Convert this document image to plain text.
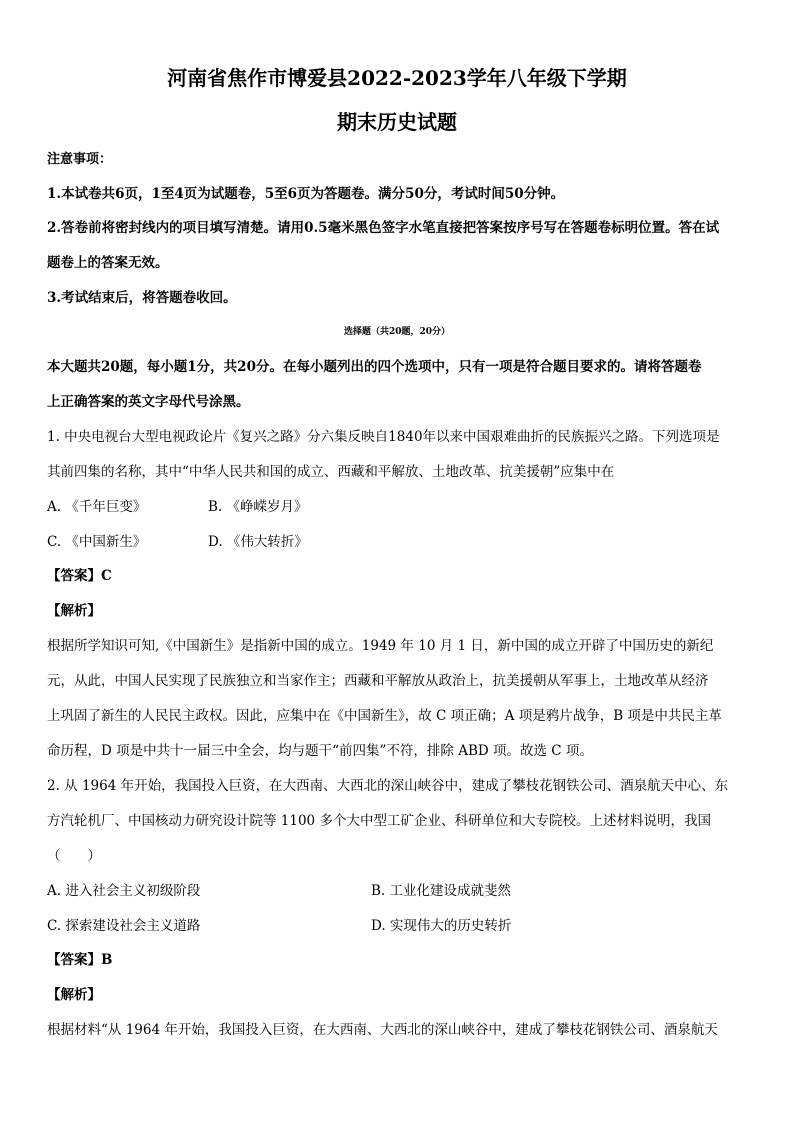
河南省焦作市博爱县2022-2023学年八年级下学期
期末历史试题
注意事项：
1.本试卷共6页，1至4页为试题卷，5至6页为答题卷。满分50分，考试时间50分钟。
2.答卷前将密封线内的项目填写清楚。请用0.5毫米黑色签字水笔直接把答案按序号写在答题卷标明位置。答在试
题卷上的答案无效。
3.考试结束后，将答题卷收回。
选择题（共20题，20分）
本大题共20题，每小题1分，共20分。在每小题列出的四个选项中，只有一项是符合题目要求的。请将答题卷
上正确答案的英文字母代号涂黑。
1. 中央电视台大型电视政论片《复兴之路》分六集反映自1840年以来中国艰难曲折的民族振兴之路。下列选项是
其前四集的名称，其中“中华人民共和国的成立、西藏和平解放、土地改革、抗美援朝”应集中在
A. 《千年巨变》	B. 《峥嵘岁月》
C. 《中国新生》	D. 《伟大转折》
【答案】C
【解析】
根据所学知识可知,《中国新生》是指新中国的成立。1949 年 10 月 1 日，新中国的成立开辟了中国历史的新纪
元，从此，中国人民实现了民族独立和当家作主；西藏和平解放从政治上，抗美援朝从军事上，土地改革从经济
上巩固了新生的人民民主政权。因此，应集中在《中国新生》，故 C 项正确；A 项是鸦片战争，B 项是中共民主革
命历程，D 项是中共十一届三中全会，均与题干“前四集”不符，排除 ABD 项。故选 C 项。
2. 从 1964 年开始，我国投入巨资，在大西南、大西北的深山峡谷中，建成了攀枝花钢铁公司、酒泉航天中心、东
方汽轮机厂、中国核动力研究设计院等 1100 多个大中型工矿企业、科研单位和大专院校。上述材料说明，我国
（　　）
A. 进入社会主义初级阶段	B. 工业化建设成就斐然
C. 探索建设社会主义道路	D. 实现伟大的历史转折
【答案】B
【解析】
根据材料“从 1964 年开始，我国投入巨资，在大西南、大西北的深山峡谷中，建成了攀枝花钢铁公司、酒泉航天
